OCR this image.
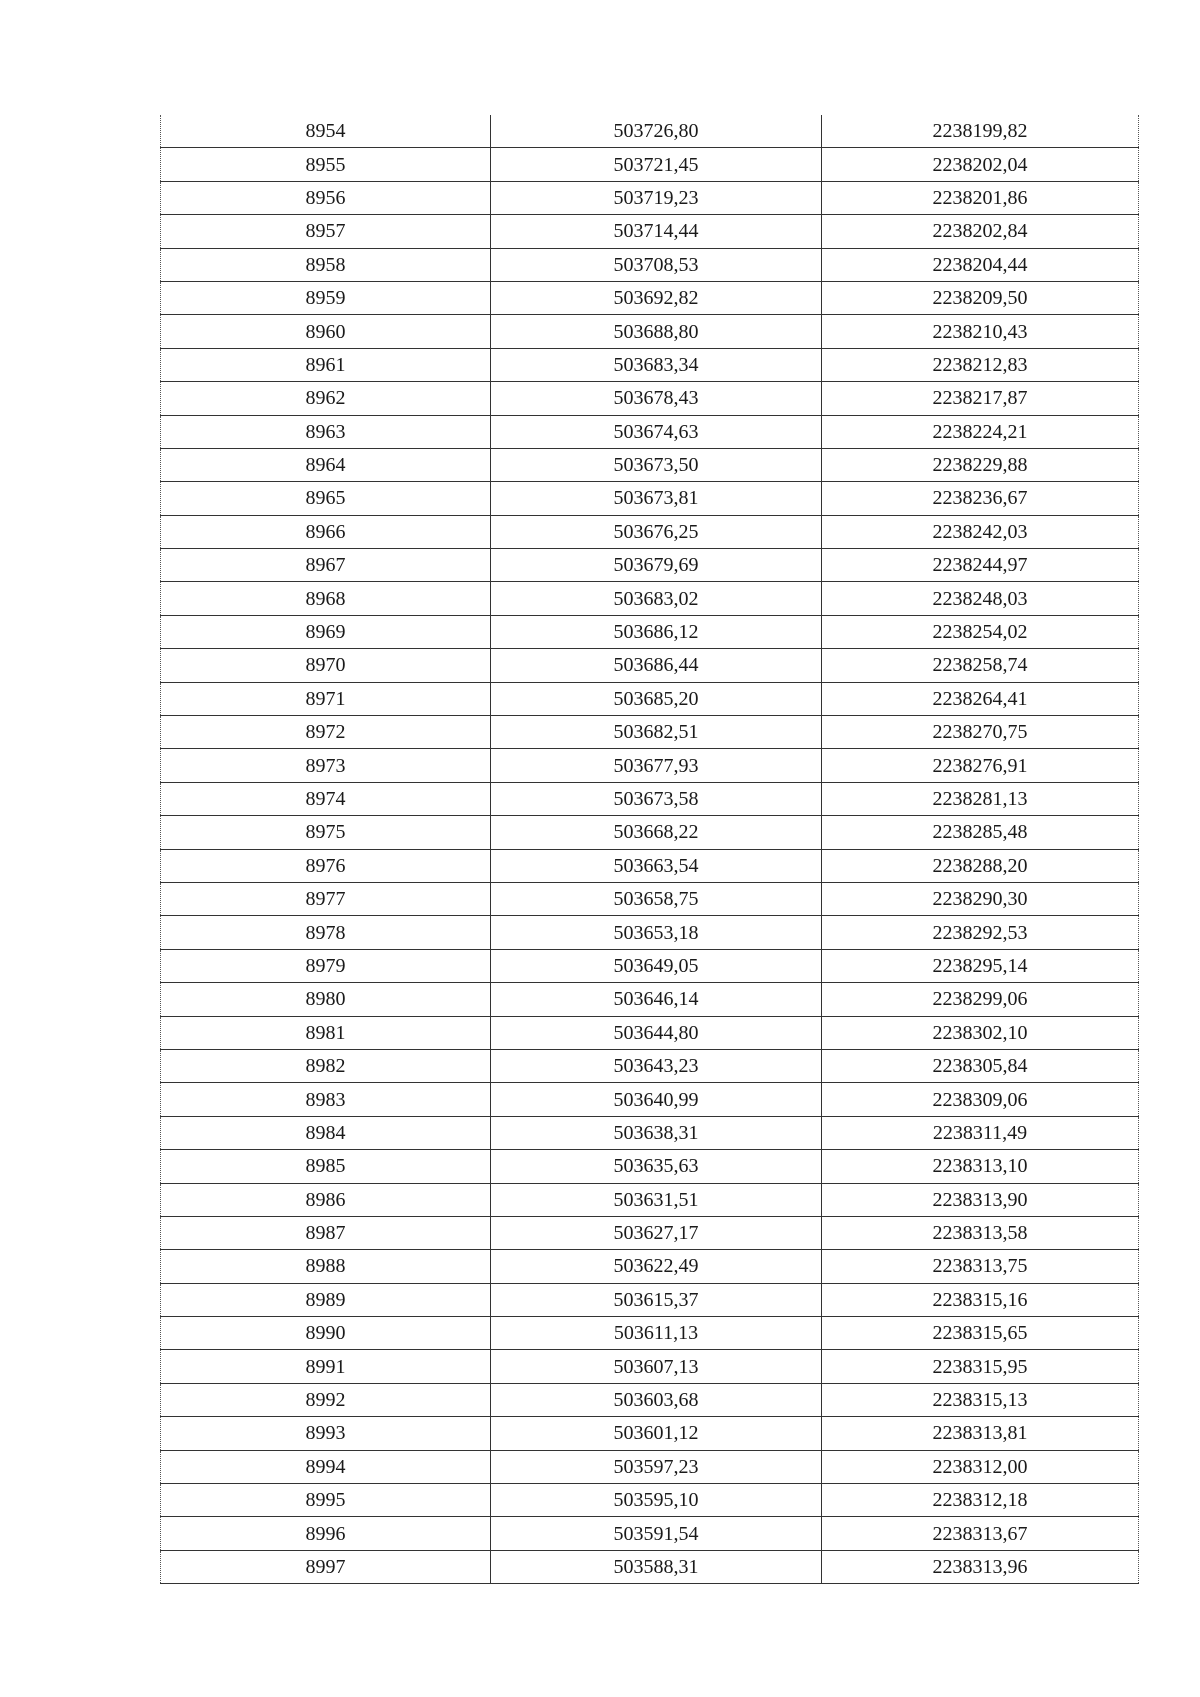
8954	503726,80	2238199,82
8955	503721,45	2238202,04
8956	503719,23	2238201,86
8957	503714,44	2238202,84
8958	503708,53	2238204,44
8959	503692,82	2238209,50
8960	503688,80	2238210,43
8961	503683,34	2238212,83
8962	503678,43	2238217,87
8963	503674,63	2238224,21
8964	503673,50	2238229,88
8965	503673,81	2238236,67
8966	503676,25	2238242,03
8967	503679,69	2238244,97
8968	503683,02	2238248,03
8969	503686,12	2238254,02
8970	503686,44	2238258,74
8971	503685,20	2238264,41
8972	503682,51	2238270,75
8973	503677,93	2238276,91
8974	503673,58	2238281,13
8975	503668,22	2238285,48
8976	503663,54	2238288,20
8977	503658,75	2238290,30
8978	503653,18	2238292,53
8979	503649,05	2238295,14
8980	503646,14	2238299,06
8981	503644,80	2238302,10
8982	503643,23	2238305,84
8983	503640,99	2238309,06
8984	503638,31	2238311,49
8985	503635,63	2238313,10
8986	503631,51	2238313,90
8987	503627,17	2238313,58
8988	503622,49	2238313,75
8989	503615,37	2238315,16
8990	503611,13	2238315,65
8991	503607,13	2238315,95
8992	503603,68	2238315,13
8993	503601,12	2238313,81
8994	503597,23	2238312,00
8995	503595,10	2238312,18
8996	503591,54	2238313,67
8997	503588,31	2238313,96
